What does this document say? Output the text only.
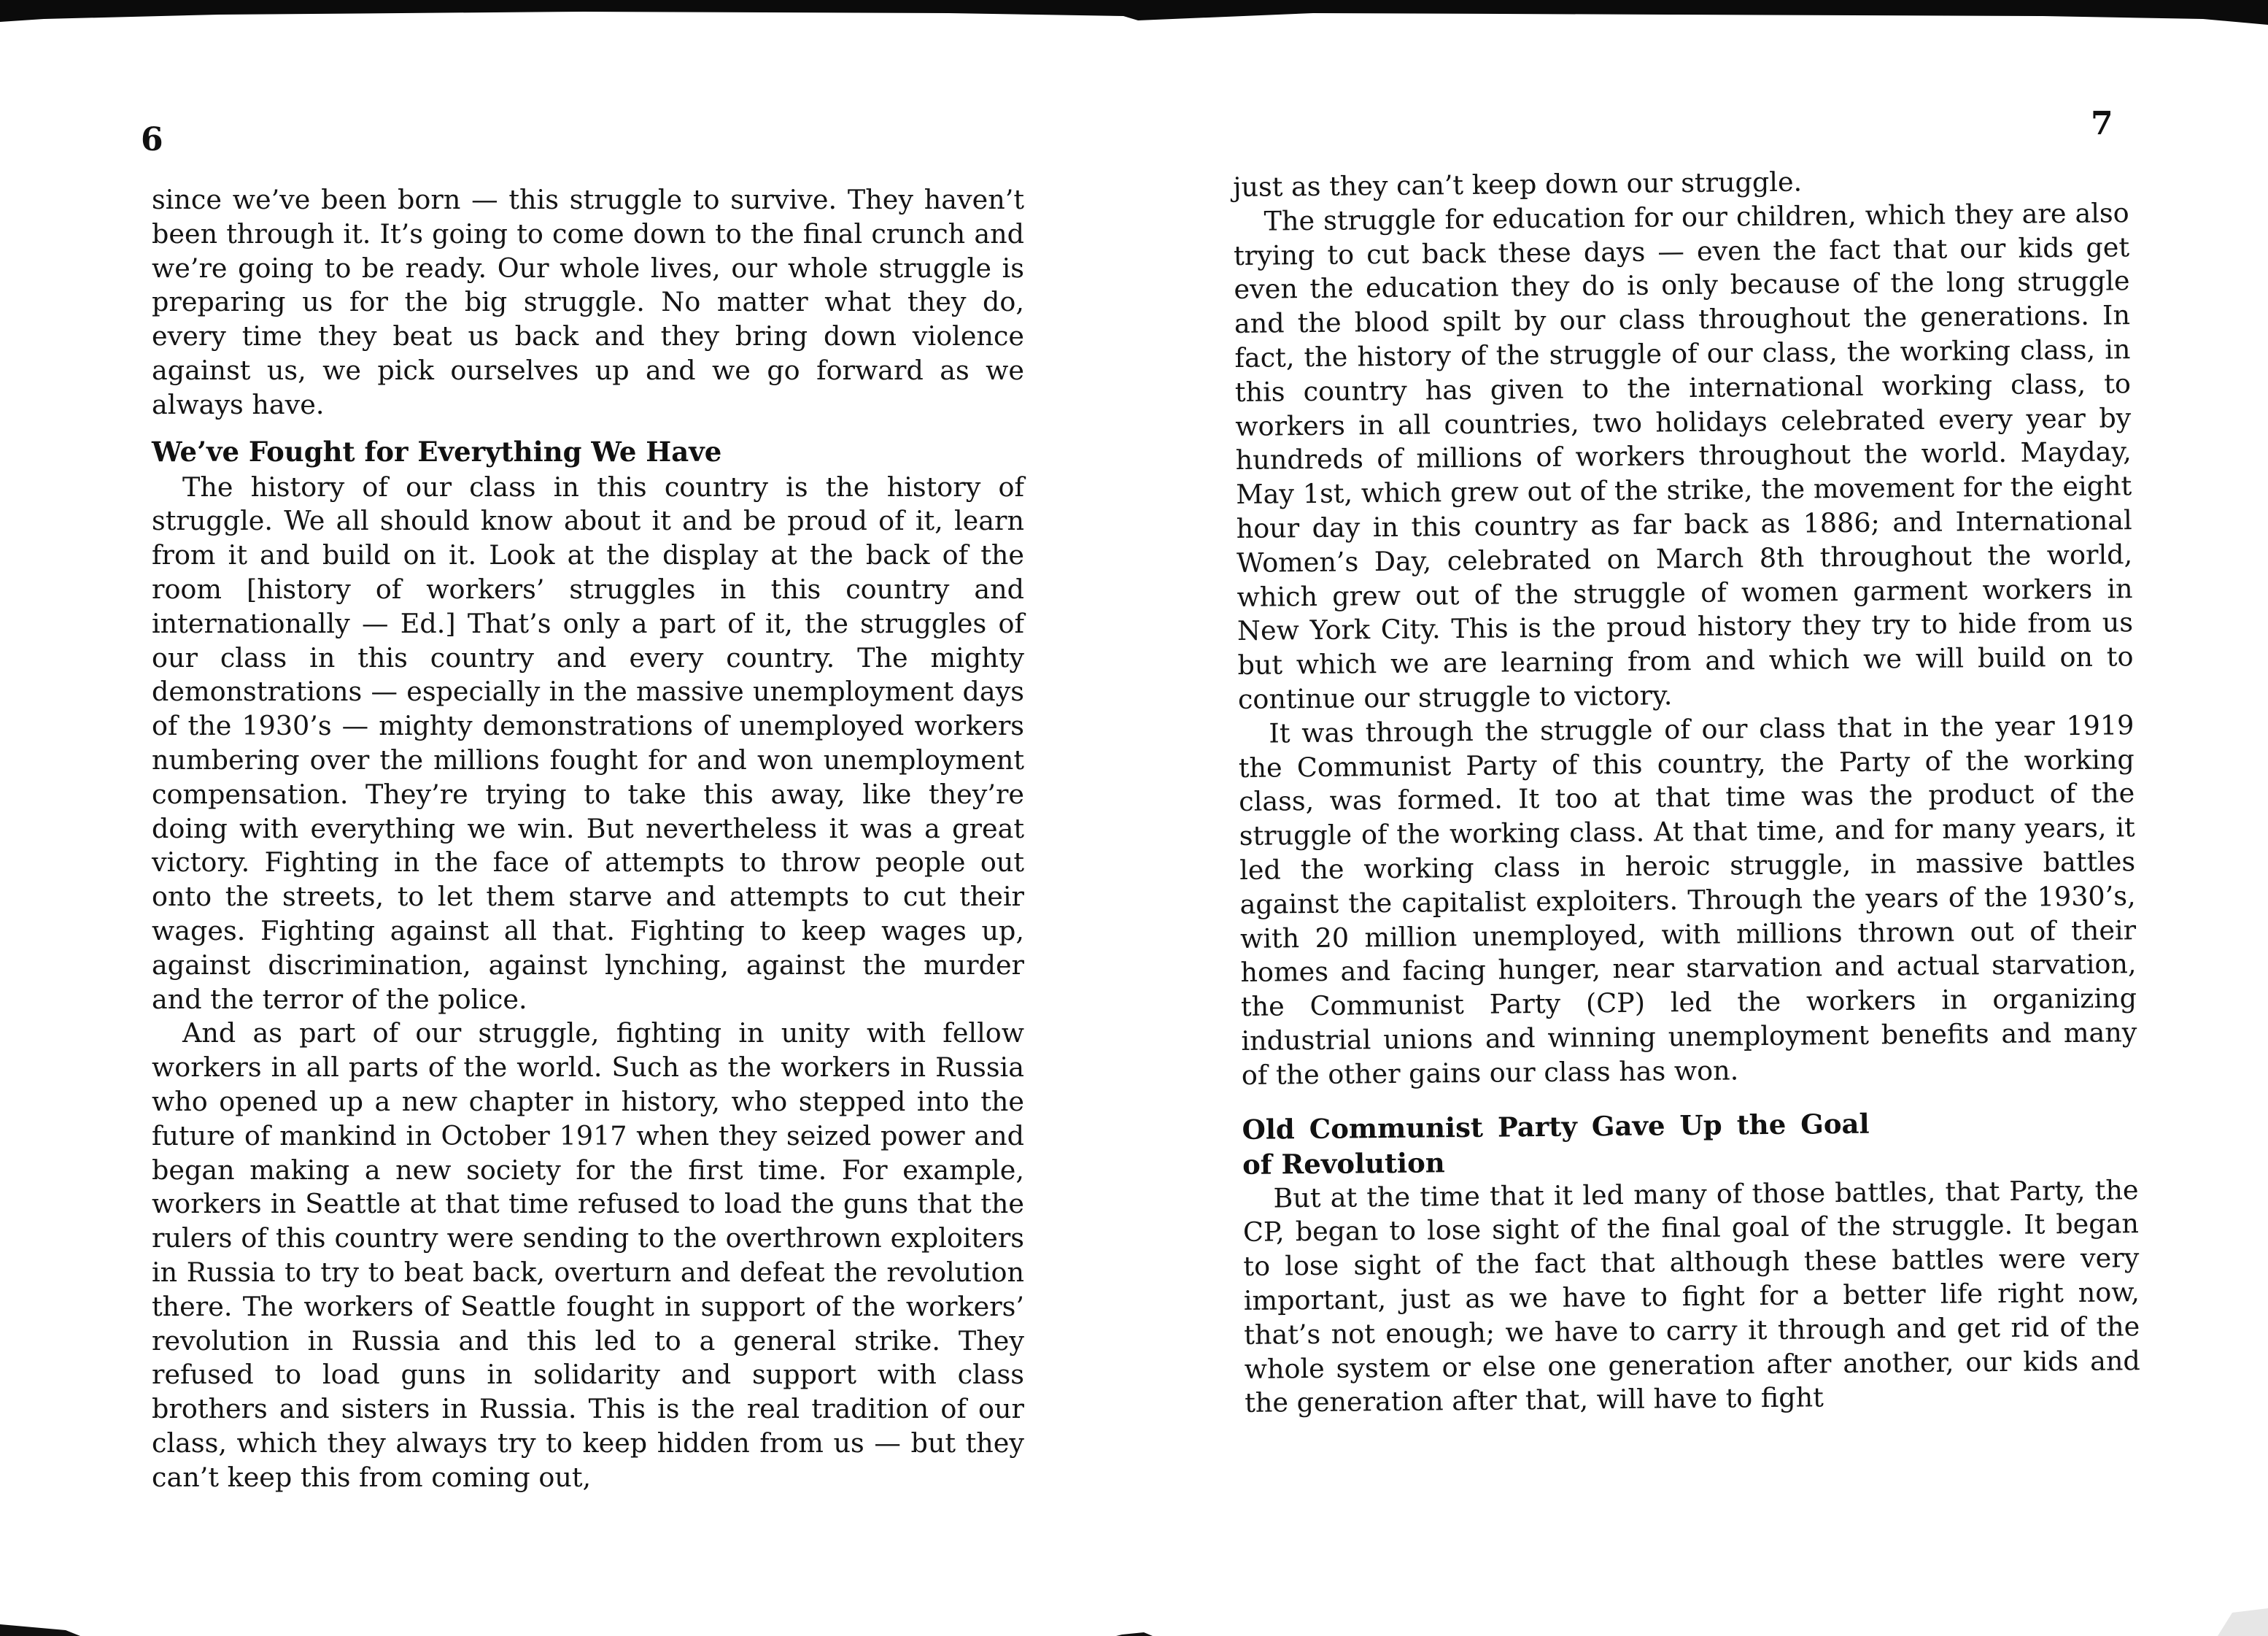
6	7

since we’ve been born — this struggle to survive. They haven’t been through it. It’s going to come down to the final crunch and we’re going to be ready. Our whole lives, our whole struggle is preparing us for the big struggle. No matter what they do, every time they beat us back and they bring down violence against us, we pick ourselves up and we go forward as we always have.

We’ve Fought for Everything We Have

The history of our class in this country is the history of struggle. We all should know about it and be proud of it, learn from it and build on it. Look at the display at the back of the room [history of workers’ struggles in this country and internationally — Ed.] That’s only a part of it, the struggles of our class in this country and every country. The mighty demonstrations — especially in the massive unemployment days of the 1930’s — mighty demonstrations of unemployed workers numbering over the millions fought for and won unemployment compensation. They’re trying to take this away, like they’re doing with everything we win. But nevertheless it was a great victory. Fighting in the face of attempts to throw people out onto the streets, to let them starve and attempts to cut their wages. Fighting against all that. Fighting to keep wages up, against discrimination, against lynching, against the murder and the terror of the police.

And as part of our struggle, fighting in unity with fellow workers in all parts of the world. Such as the workers in Russia who opened up a new chapter in history, who stepped into the future of mankind in October 1917 when they seized power and began making a new society for the first time. For example, workers in Seattle at that time refused to load the guns that the rulers of this country were sending to the overthrown exploiters in Russia to try to beat back, overturn and defeat the revolution there. The workers of Seattle fought in support of the workers’ revolution in Russia and this led to a general strike. They refused to load guns in solidarity and support with class brothers and sisters in Russia. This is the real tradition of our class, which they always try to keep hidden from us — but they can’t keep this from coming out,

just as they can’t keep down our struggle.

The struggle for education for our children, which they are also trying to cut back these days — even the fact that our kids get even the education they do is only because of the long struggle and the blood spilt by our class throughout the generations. In fact, the history of the struggle of our class, the working class, in this country has given to the international working class, to workers in all countries, two holidays celebrated every year by hundreds of millions of workers throughout the world. Mayday, May 1st, which grew out of the strike, the movement for the eight hour day in this country as far back as 1886; and International Women’s Day, celebrated on March 8th throughout the world, which grew out of the struggle of women garment workers in New York City. This is the proud history they try to hide from us but which we are learning from and which we will build on to continue our struggle to victory.

It was through the struggle of our class that in the year 1919 the Communist Party of this country, the Party of the working class, was formed. It too at that time was the product of the struggle of the working class. At that time, and for many years, it led the working class in heroic struggle, in massive battles against the capitalist exploiters. Through the years of the 1930’s, with 20 million unemployed, with millions thrown out of their homes and facing hunger, near starvation and actual starvation, the Communist Party (CP) led the workers in organizing industrial unions and winning unemployment benefits and many of the other gains our class has won.

Old Communist Party Gave Up the Goal of Revolution

But at the time that it led many of those battles, that Party, the CP, began to lose sight of the final goal of the struggle. It began to lose sight of the fact that although these battles were very important, just as we have to fight for a better life right now, that’s not enough; we have to carry it through and get rid of the whole system or else one generation after another, our kids and the generation after that, will have to fight
